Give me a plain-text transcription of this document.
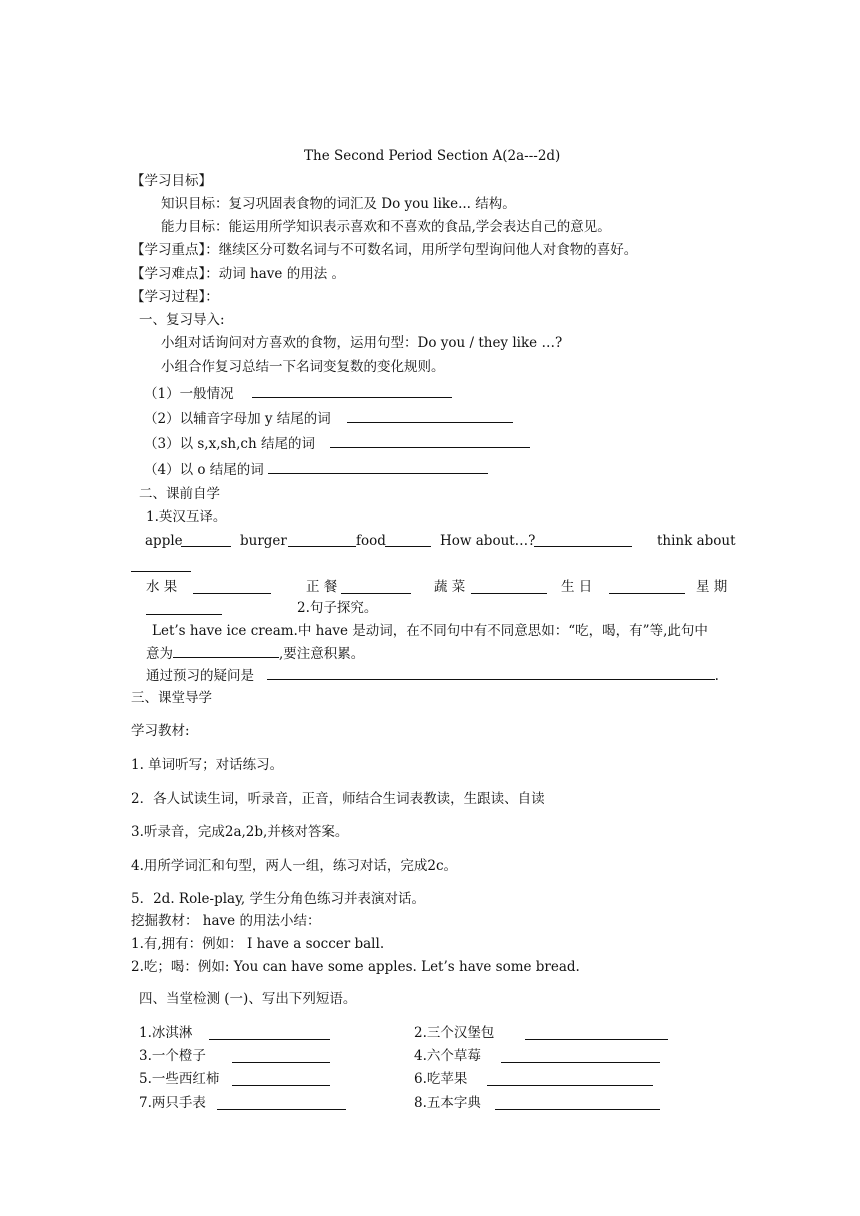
The Second Period Section A(2a---2d)
【学习目标】
知识目标：复习巩固表食物的词汇及 Do you like... 结构。
能力目标：能运用所学知识表示喜欢和不喜欢的食品,学会表达自己的意见。
【学习重点】：继续区分可数名词与不可数名词，用所学句型询问他人对食物的喜好。
【学习难点】：动词 have 的用法 。
【学习过程】：
一、复习导入:
小组对话询问对方喜欢的食物，运用句型：Do you / they like …?
小组合作复习总结一下名词变复数的变化规则。
（1）一般情况
（2）以辅音字母加 y 结尾的词
（3）以 s,x,sh,ch 结尾的词
（4）以 o 结尾的词
二、课前自学
1.英汉互译。
apple	burger	food	How about…?	think about
水 果	正 餐	蔬 菜	生 日	星 期
2.句子探究。
Let’s have ice cream.中 have 是动词，在不同句中有不同意思如：“吃，喝，有”等,此句中
意为	,要注意积累。
通过预习的疑问是	.
三、课堂导学
学习教材:
1. 单词听写；对话练习。
2．各人试读生词，听录音，正音，师结合生词表教读，生跟读、自读
3.听录音，完成2a,2b,并核对答案。
4.用所学词汇和句型，两人一组，练习对话，完成2c。
5．2d. Role-play, 学生分角色练习并表演对话。
挖掘教材： have 的用法小结：
1.有,拥有：例如： I have a soccer ball.
2.吃；喝：例如: You can have some apples. Let’s have some bread.
四、当堂检测 (一)、写出下列短语。
1.冰淇淋	2.三个汉堡包
3.一个橙子	4.六个草莓
5.一些西红柿	6.吃苹果
7.两只手表	8.五本字典
